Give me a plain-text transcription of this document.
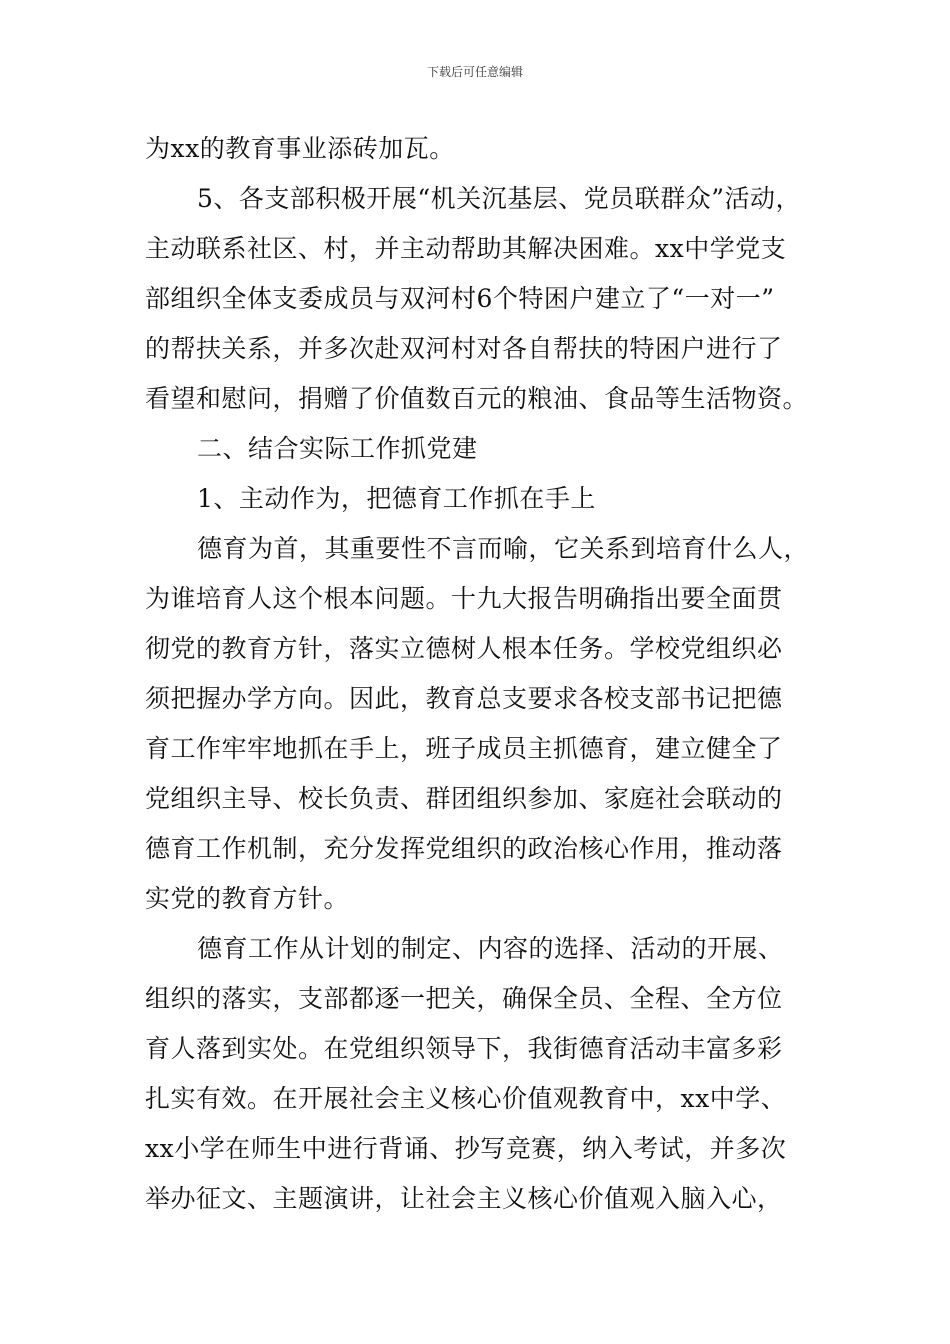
下载后可任意编辑
为xx的教育事业添砖加瓦。
5、各支部积极开展“机关沉基层、党员联群众”活动，
主动联系社区、村，并主动帮助其解决困难。xx中学党支
部组织全体支委成员与双河村6个特困户建立了“一对一”
的帮扶关系，并多次赴双河村对各自帮扶的特困户进行了
看望和慰问，捐赠了价值数百元的粮油、食品等生活物资。
二、结合实际工作抓党建
1、主动作为，把德育工作抓在手上
德育为首，其重要性不言而喻，它关系到培育什么人，
为谁培育人这个根本问题。十九大报告明确指出要全面贯
彻党的教育方针，落实立德树人根本任务。学校党组织必
须把握办学方向。因此，教育总支要求各校支部书记把德
育工作牢牢地抓在手上，班子成员主抓德育，建立健全了
党组织主导、校长负责、群团组织参加、家庭社会联动的
德育工作机制，充分发挥党组织的政治核心作用，推动落
实党的教育方针。
德育工作从计划的制定、内容的选择、活动的开展、
组织的落实，支部都逐一把关，确保全员、全程、全方位
育人落到实处。在党组织领导下，我街德育活动丰富多彩
扎实有效。在开展社会主义核心价值观教育中，xx中学、
xx小学在师生中进行背诵、抄写竞赛，纳入考试，并多次
举办征文、主题演讲，让社会主义核心价值观入脑入心，
